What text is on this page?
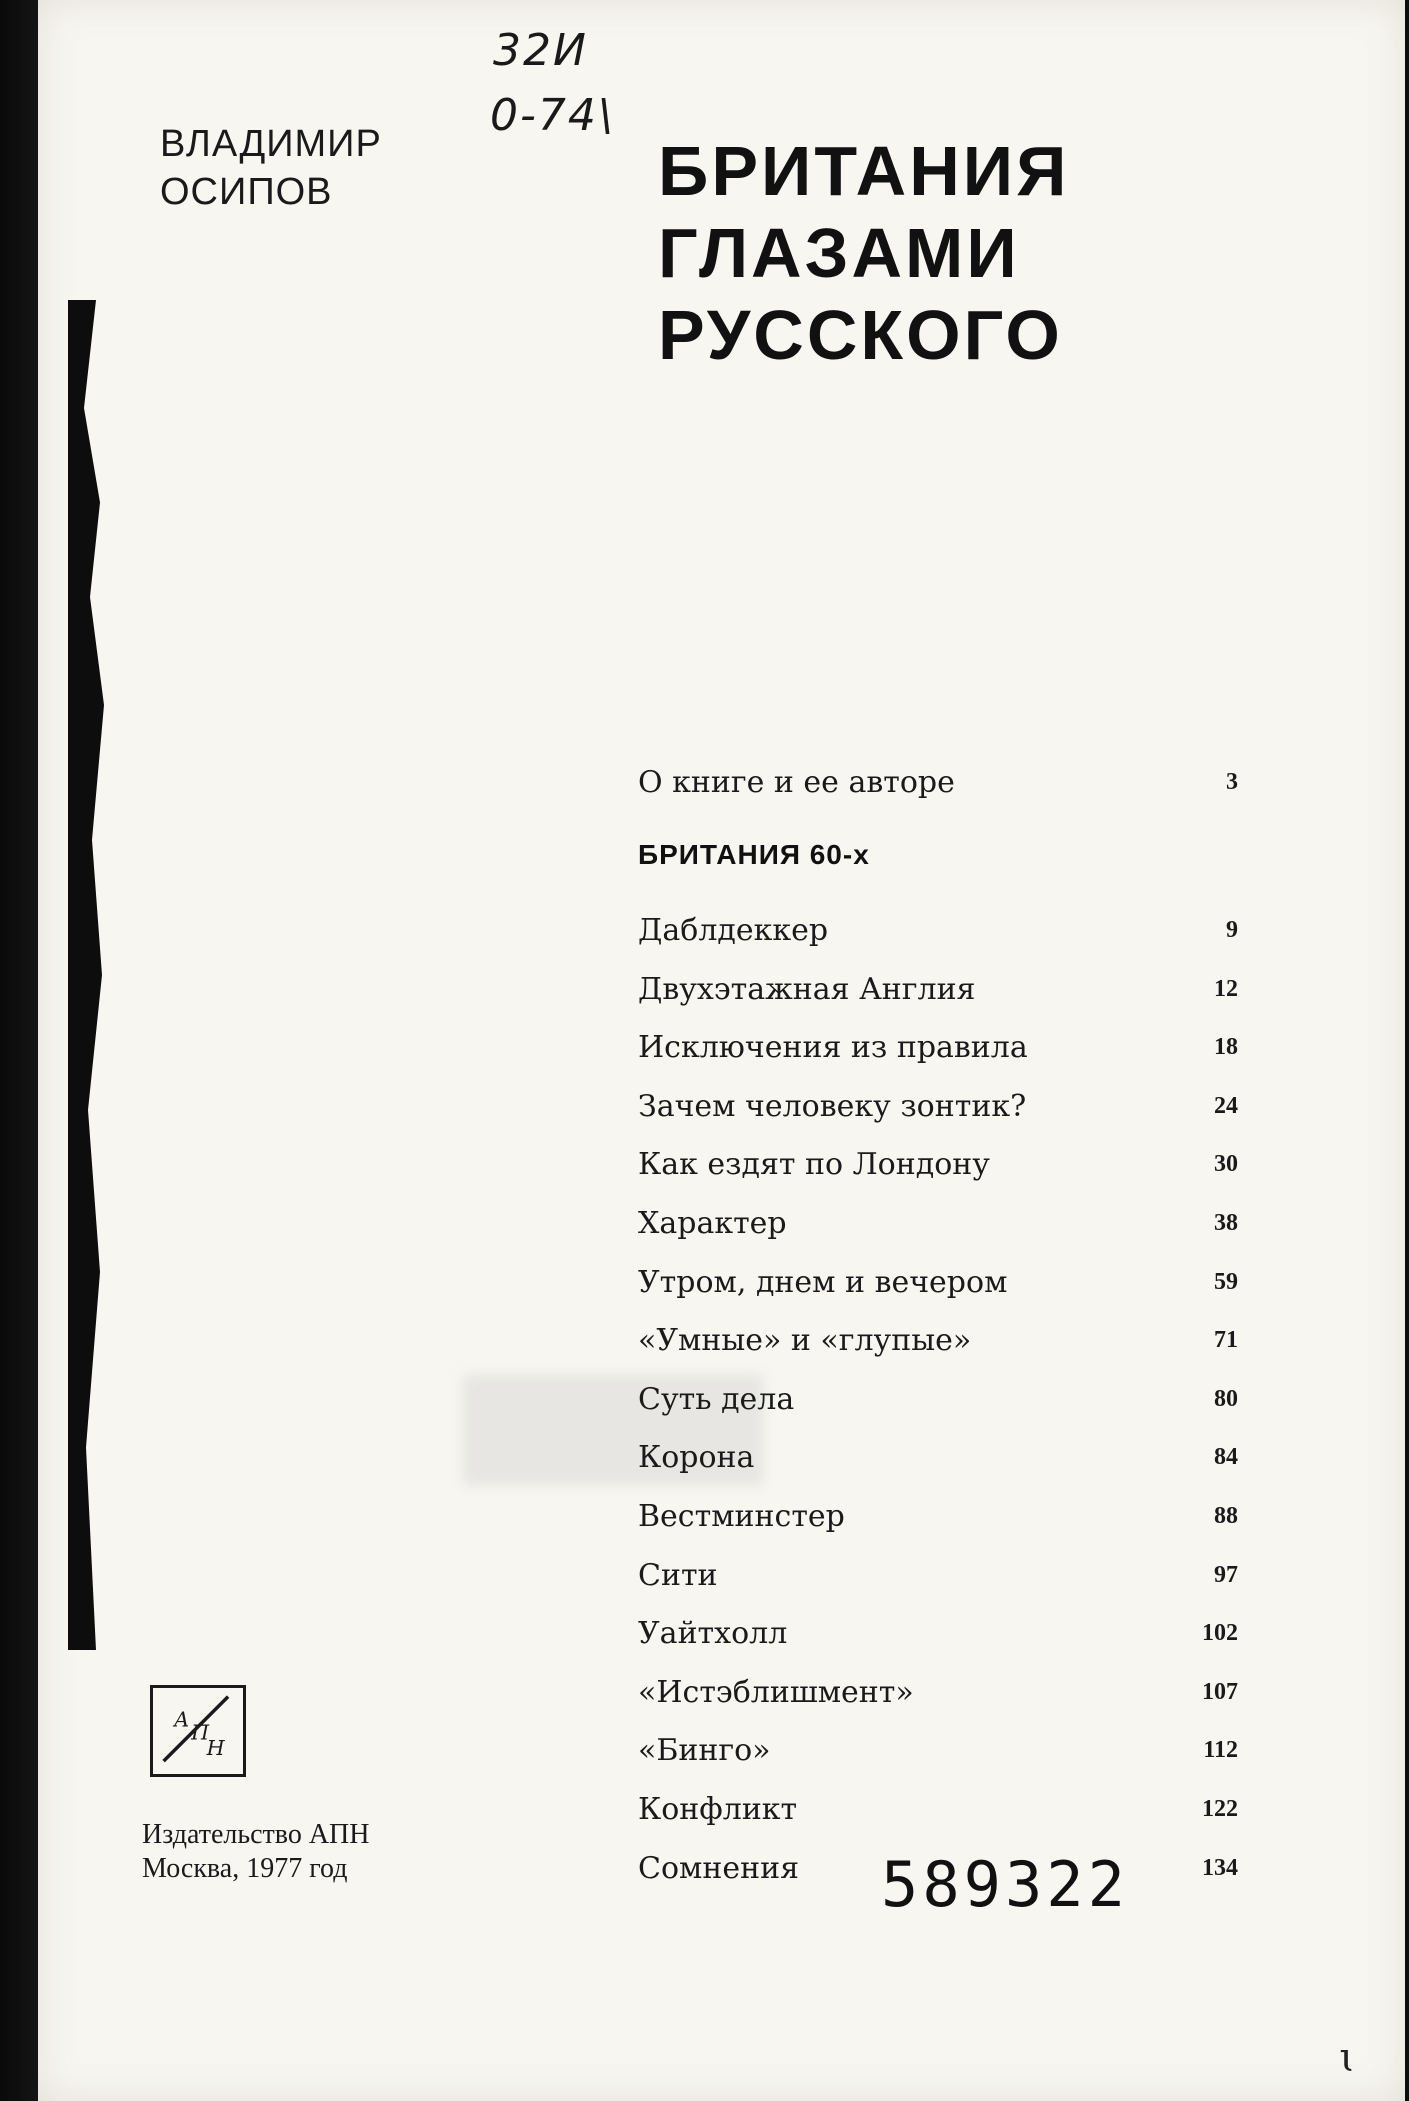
32И
0-74\
ВЛАДИМИР
ОСИПОВ	БРИТАНИЯ
ГЛАЗАМИ
РУССКОГО
О книге и ее авторе	3
БРИТАНИЯ 60-х
Даблдеккер	9
Двухэтажная Англия	12
Исключения из правила	18
Зачем человеку зонтик?	24
Как ездят по Лондону	30
Характер	38
Утром, днем и вечером	59
«Умные» и «глупые»	71
Суть дела	80
Корона	84
Вестминстер	88
Сити	97
Уайтхолл	102
«Истэблишмент»	107
«Бинго»	112
Конфликт	122
Сомнения	134
А
П
Н
Издательство АПН
Москва, 1977 год	589322
ɩ
